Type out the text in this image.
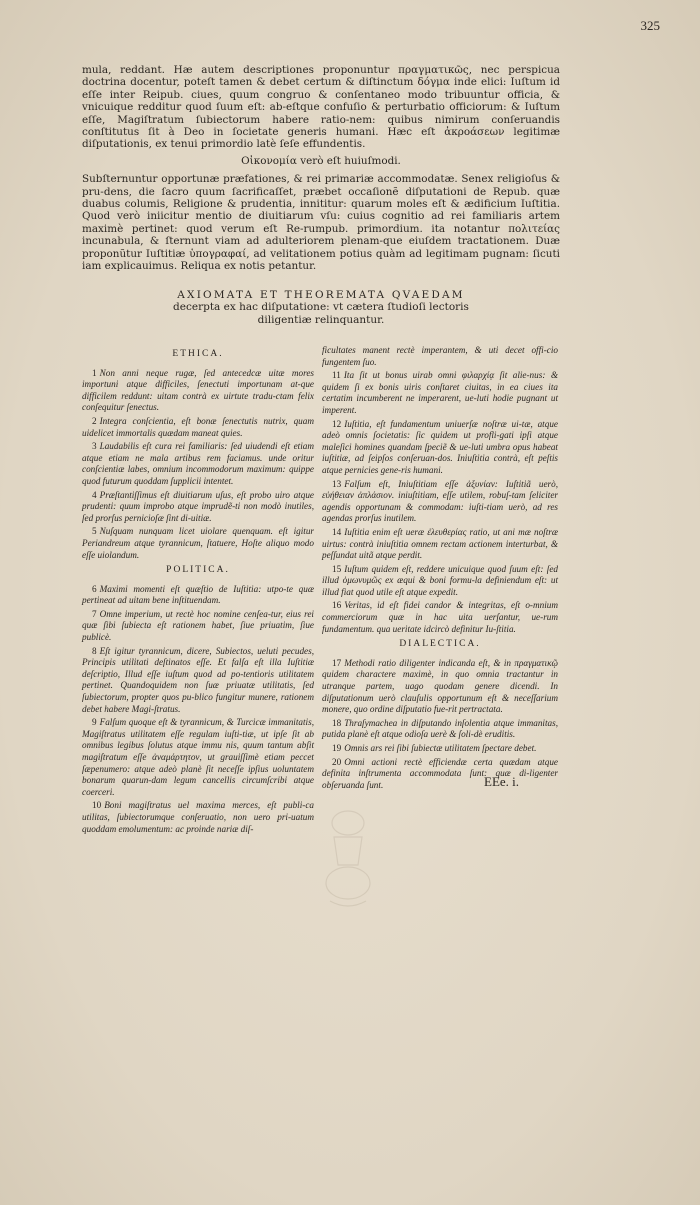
325

mula, reddant. Hæ autem descriptiones proponuntur πραγματικῶς, nec perspicua doctrina docentur, poteſt tamen & debet certum & diſtinctum δόγμα inde elici: Iuſtum id eſſe inter Reipub. ciues, quum congruo & conſentaneo modo tribuuntur officia, & vnicuique redditur quod ſuum eſt: ab-eſtque confuſio & perturbatio officiorum: & Iuſtum eſſe, Magiſtratum ſubiectorum habere ratio-nem: quibus nimirum conſeruandis conſtitutus ſit à Deo in ſocietate generis humani. Hæc eſt ἀκροάσεων legitimæ diſputationis, ex tenui primordio latè ſeſe effundentis.

Οἰκονομία verò eſt huiuſmodi.

Subſternuntur opportunæ præfationes, & rei primariæ accommodatæ. Senex religioſus & pru-dens, die ſacro quum ſacrificaſſet, præbet occaſionẽ diſputationi de Repub. quæ duabus columis, Religione & prudentia, innititur: quarum moles eſt & ædificium Iuſtitia. Quod verò iniicitur mentio de diuitiarum vſu: cuius cognitio ad rei familiaris artem maximè pertinet: quod verum eſt Re-rumpub. primordium. ita notantur πολιτείας incunabula, & ſternunt viam ad adulteriorem plenam-que eiuſdem tractationem. Duæ proponũtur Iuſtitiæ ὑπογραφαί, ad velitationem potius quàm ad legitimam pugnam: ſicuti iam explicauimus. Reliqua ex notis petantur.

AXIOMATA ET THEOREMATA QVAEDAM
decerpta ex hac diſputatione: vt cætera ſtudioſi lectoris
diligentiæ relinquantur.
ETHICA.

1 Non anni neque rugæ, ſed antecedcæ uitæ mores importuni atque difficiles, ſenectuti importunam at-que difficilem reddunt: uitam contrà ex uirtute tradu-ctam felix conſequitur ſenectus.

2 Integra conſcientia, eſt bonæ ſenectutis nutrix, quam uidelicet immortalis quædam maneat quies.

3 Laudabilis eſt cura rei familiaris: ſed uiudendi eſt etiam atque etiam ne mala artibus rem faciamus. unde oritur conſcientiæ labes, omnium incommodorum maximum: quippe quod futurum quoddam ſupplicii intentet.

4 Præſtantiſſimus eſt diuitiarum uſus, eſt probo uiro atque prudenti: quum improbo atque imprudẽ-ti non modò inutiles, ſed prorſus pernicioſæ ſint di-uitiæ.

5 Nuſquam nunquam licet uiolare quenquam. eſt igitur Periandreum atque tyrannicum, ſtatuere, Hoſte aliquo modo eſſe uiolandum.

POLITICA.

6 Maximi momenti eſt quæſtio de Iuſtitia: utpo-te quæ pertineat ad uitam bene inſtituendam.

7 Omne imperium, ut rectè hoc nomine cenſea-tur, eius rei quæ ſibi ſubiecta eſt rationem habet, ſiue priuatim, ſiue publicè.

8 Eſt igitur tyrannicum, dicere, Subiectos, ueluti pecudes, Principis utilitati deſtinatos eſſe. Et falſa eſt illa Iuſtitiæ deſcriptio, Illud eſſe iuſtum quod ad po-tentioris utilitatem pertinet. Quandoquidem non ſuæ priuatæ utilitatis, ſed ſubiectorum, propter quos pu-blico fungitur munere, rationem debet habere Magi-ſtratus.

9 Falſum quoque eſt & tyrannicum, & Turcicæ immanitatis, Magiſtratus utilitatem eſſe regulam iuſti-tiæ, ut ipſe ſit ab omnibus legibus ſolutus atque immu nis, quum tantum abſit magiſtratum eſſe ἀναμάρτητον, ut grauiſſimè etiam peccet ſæpenumero: atque adeò planè ſit neceſſe ipſius uoluntatem bonarum quarun-dam legum cancellis circumſcribi atque coerceri.

10 Boni magiſtratus uel maxima merces, eſt publi-ca utilitas, ſubiectorumque conſeruatio, non uero pri-uatum quoddam emolumentum: ac proinde nariæ diſ-

ficultates manent rectè imperantem, & uti decet offi-cio fungentem ſuo.

11 Ita ſit ut bonus uirab omni φιλαρχίᾳ ſit alie-nus: & quidem ſi ex bonis uiris conſtaret ciuitas, in ea ciues ita certatim incumberent ne imperarent, ue-luti hodie pugnant ut imperent.

12 Iuſtitia, eſt fundamentum uniuerſæ noſtræ ui-tæ, atque adeò omnis ſocietatis: ſic quidem ut profli-gati ipſi atque maleſici homines quandam ſpeciẽ & ue-luti umbra opus habeat iuſtitiæ, ad ſeipſos conſeruan-dos. Iniuſtitia contrà, eſt peſtis atque pernicies gene-ris humani.

13 Falſum eſt, Iniuſtitiam eſſe ἀξυνίαν: Iuſtitiã uerò, εὐήθειαν ἀπλάσιον. iniuſtitiam, eſſe utilem, robuſ-tam ſeliciter agendis opportunam & commodam: iuſti-tiam uerò, ad res agendas prorſus inutilem.

14 Iuſtitia enim eſt ueræ ἐλευθερίας ratio, ut ani mæ noſtræ uirtus: contrà iniuſtitia omnem rectam actionem interturbat, & peſſundat uitã atque perdit.

15 Iuſtum quidem eſt, reddere unicuique quod ſuum eſt: ſed illud ὁμωνυμῶς ex æqui & boni formu-la definiendum eſt: ut illud fiat quod utile eſt atque expedit.

16 Veritas, id eſt fidei candor & integritas, eſt o-mnium commerciorum quæ in hac uita uerſantur, ue-rum fundamentum. qua ueritate idcircò definitur Iu-ſtitia.

DIALECTICA.

17 Methodi ratio diligenter indicanda eſt, & in πραγματικῷ quidem charactere maximè, in quo omnia tractantur in utranque partem, uago quodam genere dicendi. In diſputationum uerò clauſulis opportunum eſt & neceſſarium monere, quo ordine diſputatio fue-rit pertractata.

18 Thraſymachea in diſputando inſolentia atque immanitas, putida planè eſt atque odioſa uerè & ſoli-dè eruditis.

19 Omnis ars rei ſibi ſubiectæ utilitatem ſpectare debet.

20 Omni actioni rectè efficiendæ certa quædam atque definita inſtrumenta accommodata ſunt: quæ di-ligenter obſeruanda ſunt.	EEe. i.
